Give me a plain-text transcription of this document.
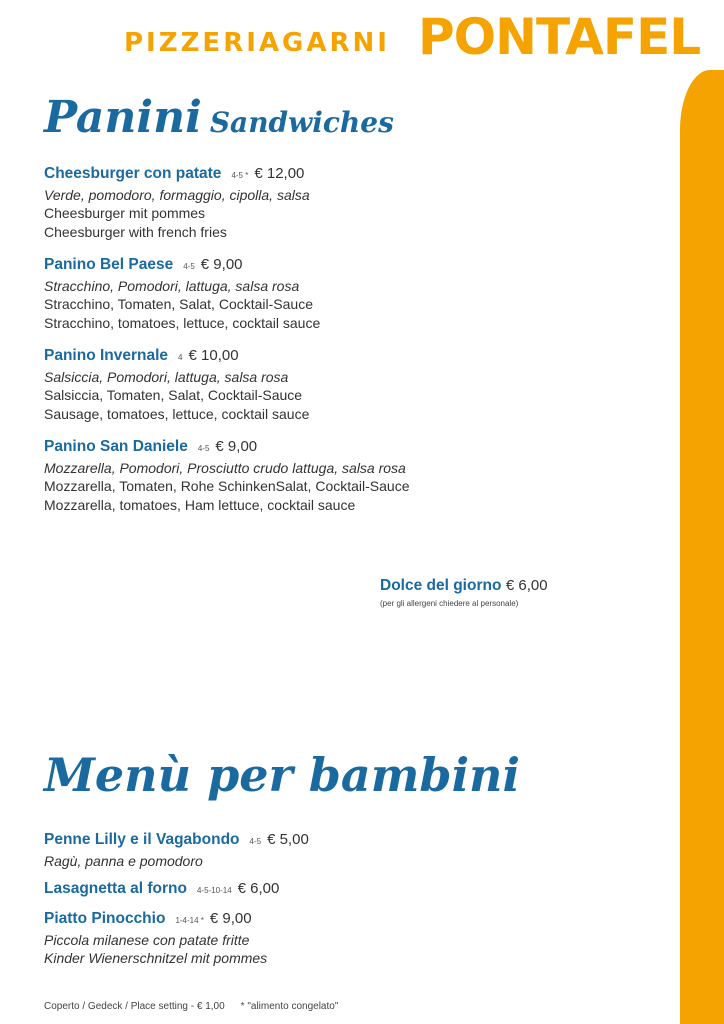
PIZZERIAGARNI PONTAFEL
Panini Sandwiches
Cheesburger con patate 4-5 * € 12,00
Verde, pomodoro, formaggio, cipolla, salsa
Cheesburger mit pommes
Cheesburger with french fries
Panino Bel Paese 4-5 € 9,00
Stracchino, Pomodori, lattuga, salsa rosa
Stracchino, Tomaten, Salat, Cocktail-Sauce
Stracchino, tomatoes, lettuce, cocktail sauce
Panino Invernale 4 € 10,00
Salsiccia, Pomodori, lattuga, salsa rosa
Salsiccia, Tomaten, Salat, Cocktail-Sauce
Sausage, tomatoes, lettuce, cocktail sauce
Panino San Daniele 4-5 € 9,00
Mozzarella, Pomodori, Prosciutto crudo lattuga, salsa rosa
Mozzarella, Tomaten, Rohe SchinkenSalat, Cocktail-Sauce
Mozzarella, tomatoes, Ham lettuce, cocktail sauce
Dolce del giorno € 6,00
(per gli allergeni chiedere al personale)
Menù per bambini
Penne Lilly e il Vagabondo 4-5 € 5,00
Ragù, panna e pomodoro
Lasagnetta al forno 4-5-10-14 € 6,00
Piatto Pinocchio 1-4-14 * € 9,00
Piccola milanese con patate fritte
Kinder Wienerschnitzel mit pommes
Coperto / Gedeck / Place setting - € 1,00 * "alimento congelato"
